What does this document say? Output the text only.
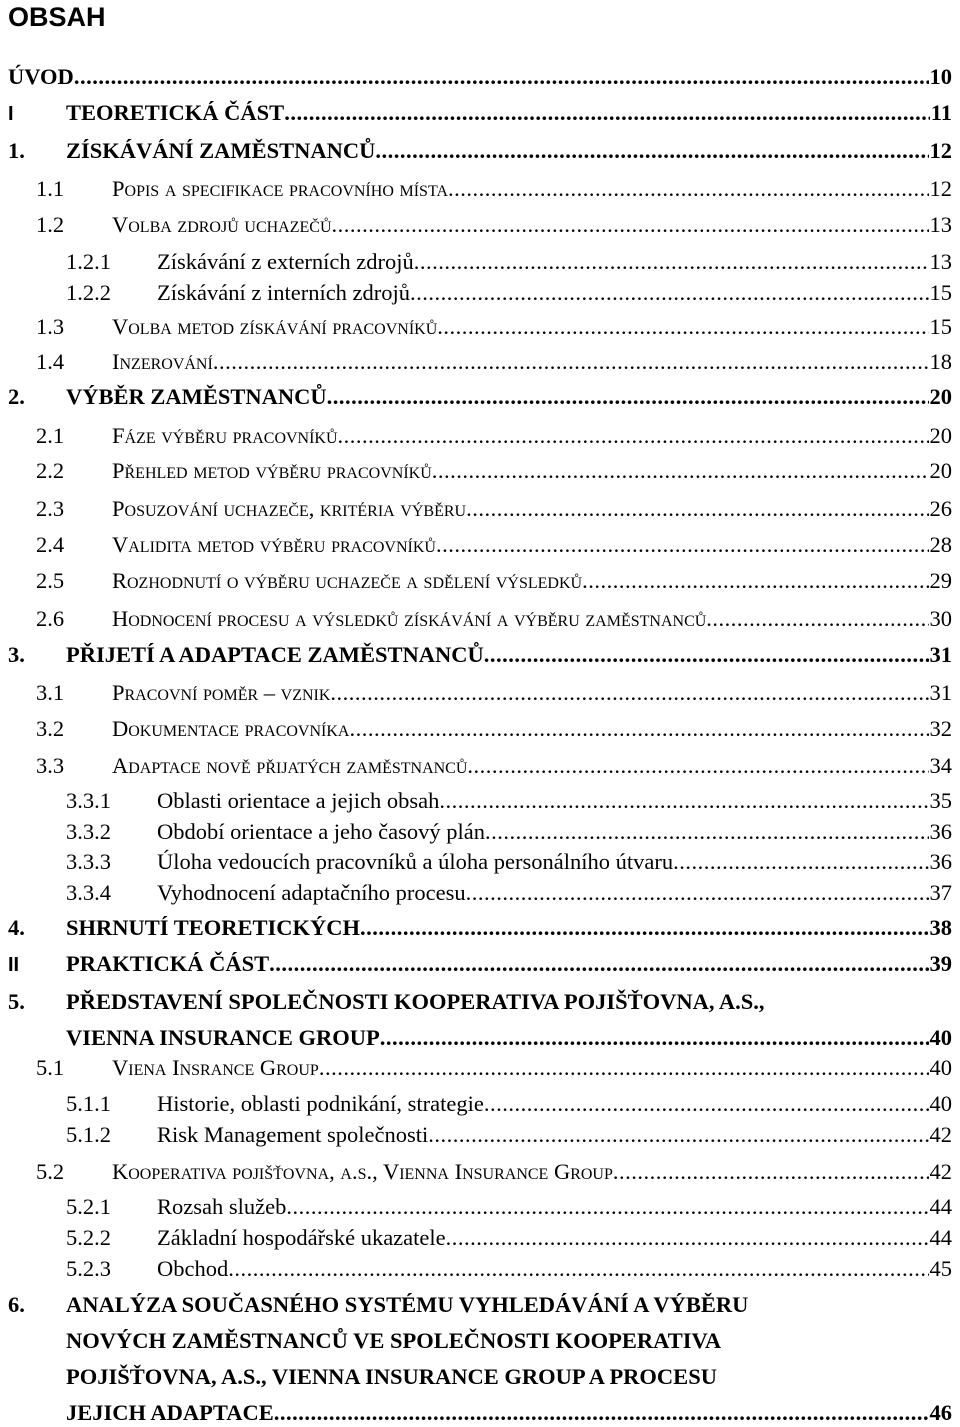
OBSAH
ÚVOD .....	10
I	TEORETICKÁ ČÁST .....	11
1.	ZÍSKÁVÁNÍ ZAMĚSTNANCŮ .....	12
1.1	Popis a specifikace pracovního místa .....	12
1.2	Volba zdrojů uchazečů .....	13
1.2.1	Získávání z externích zdrojů .....	13
1.2.2	Získávání z interních zdrojů .....	15
1.3	Volba metod získávání pracovníků .....	15
1.4	Inzerování .....	18
2.	VÝBĚR ZAMĚSTNANCŮ .....	20
2.1	Fáze výběru pracovníků .....	20
2.2	Přehled metod výběru pracovníků .....	20
2.3	Posuzování uchazeče, kritéria výběru .....	26
2.4	Validita metod výběru pracovníků .....	28
2.5	Rozhodnutí o výběru uchazeče a sdělení výsledků .....	29
2.6	Hodnocení procesu a výsledků získávání a výběru zaměstnanců .....	30
3.	PŘIJETÍ A ADAPTACE ZAMĚSTNANCŮ .....	31
3.1	Pracovní poměr – vznik .....	31
3.2	Dokumentace pracovníka .....	32
3.3	Adaptace nově přijatých zaměstnanců .....	34
3.3.1	Oblasti orientace a jejich obsah .....	35
3.3.2	Období orientace a jeho časový plán .....	36
3.3.3	Úloha vedoucích pracovníků a úloha personálního útvaru .....	36
3.3.4	Vyhodnocení adaptačního procesu .....	37
4.	SHRNUTÍ TEORETICKÝCH .....	38
II	PRAKTICKÁ ČÁST .....	39
5.	PŘEDSTAVENÍ SPOLEČNOSTI KOOPERATIVA POJIŠŤOVNA, A.S.,
VIENNA INSURANCE GROUP .....	40
5.1	Viena Insrance Group .....	40
5.1.1	Historie, oblasti podnikání, strategie .....	40
5.1.2	Risk Management společnosti .....	42
5.2	Kooperativa pojišťovna, a.s., Vienna Insurance Group .....	42
5.2.1	Rozsah služeb .....	44
5.2.2	Základní hospodářské ukazatele .....	44
5.2.3	Obchod .....	45
6.	ANALÝZA SOUČASNÉHO SYSTÉMU VYHLEDÁVÁNÍ A VÝBĚRU
NOVÝCH ZAMĚSTNANCŮ VE SPOLEČNOSTI KOOPERATIVA
POJIŠŤOVNA, A.S., VIENNA INSURANCE GROUP A PROCESU
JEJICH ADAPTACE .....	46
